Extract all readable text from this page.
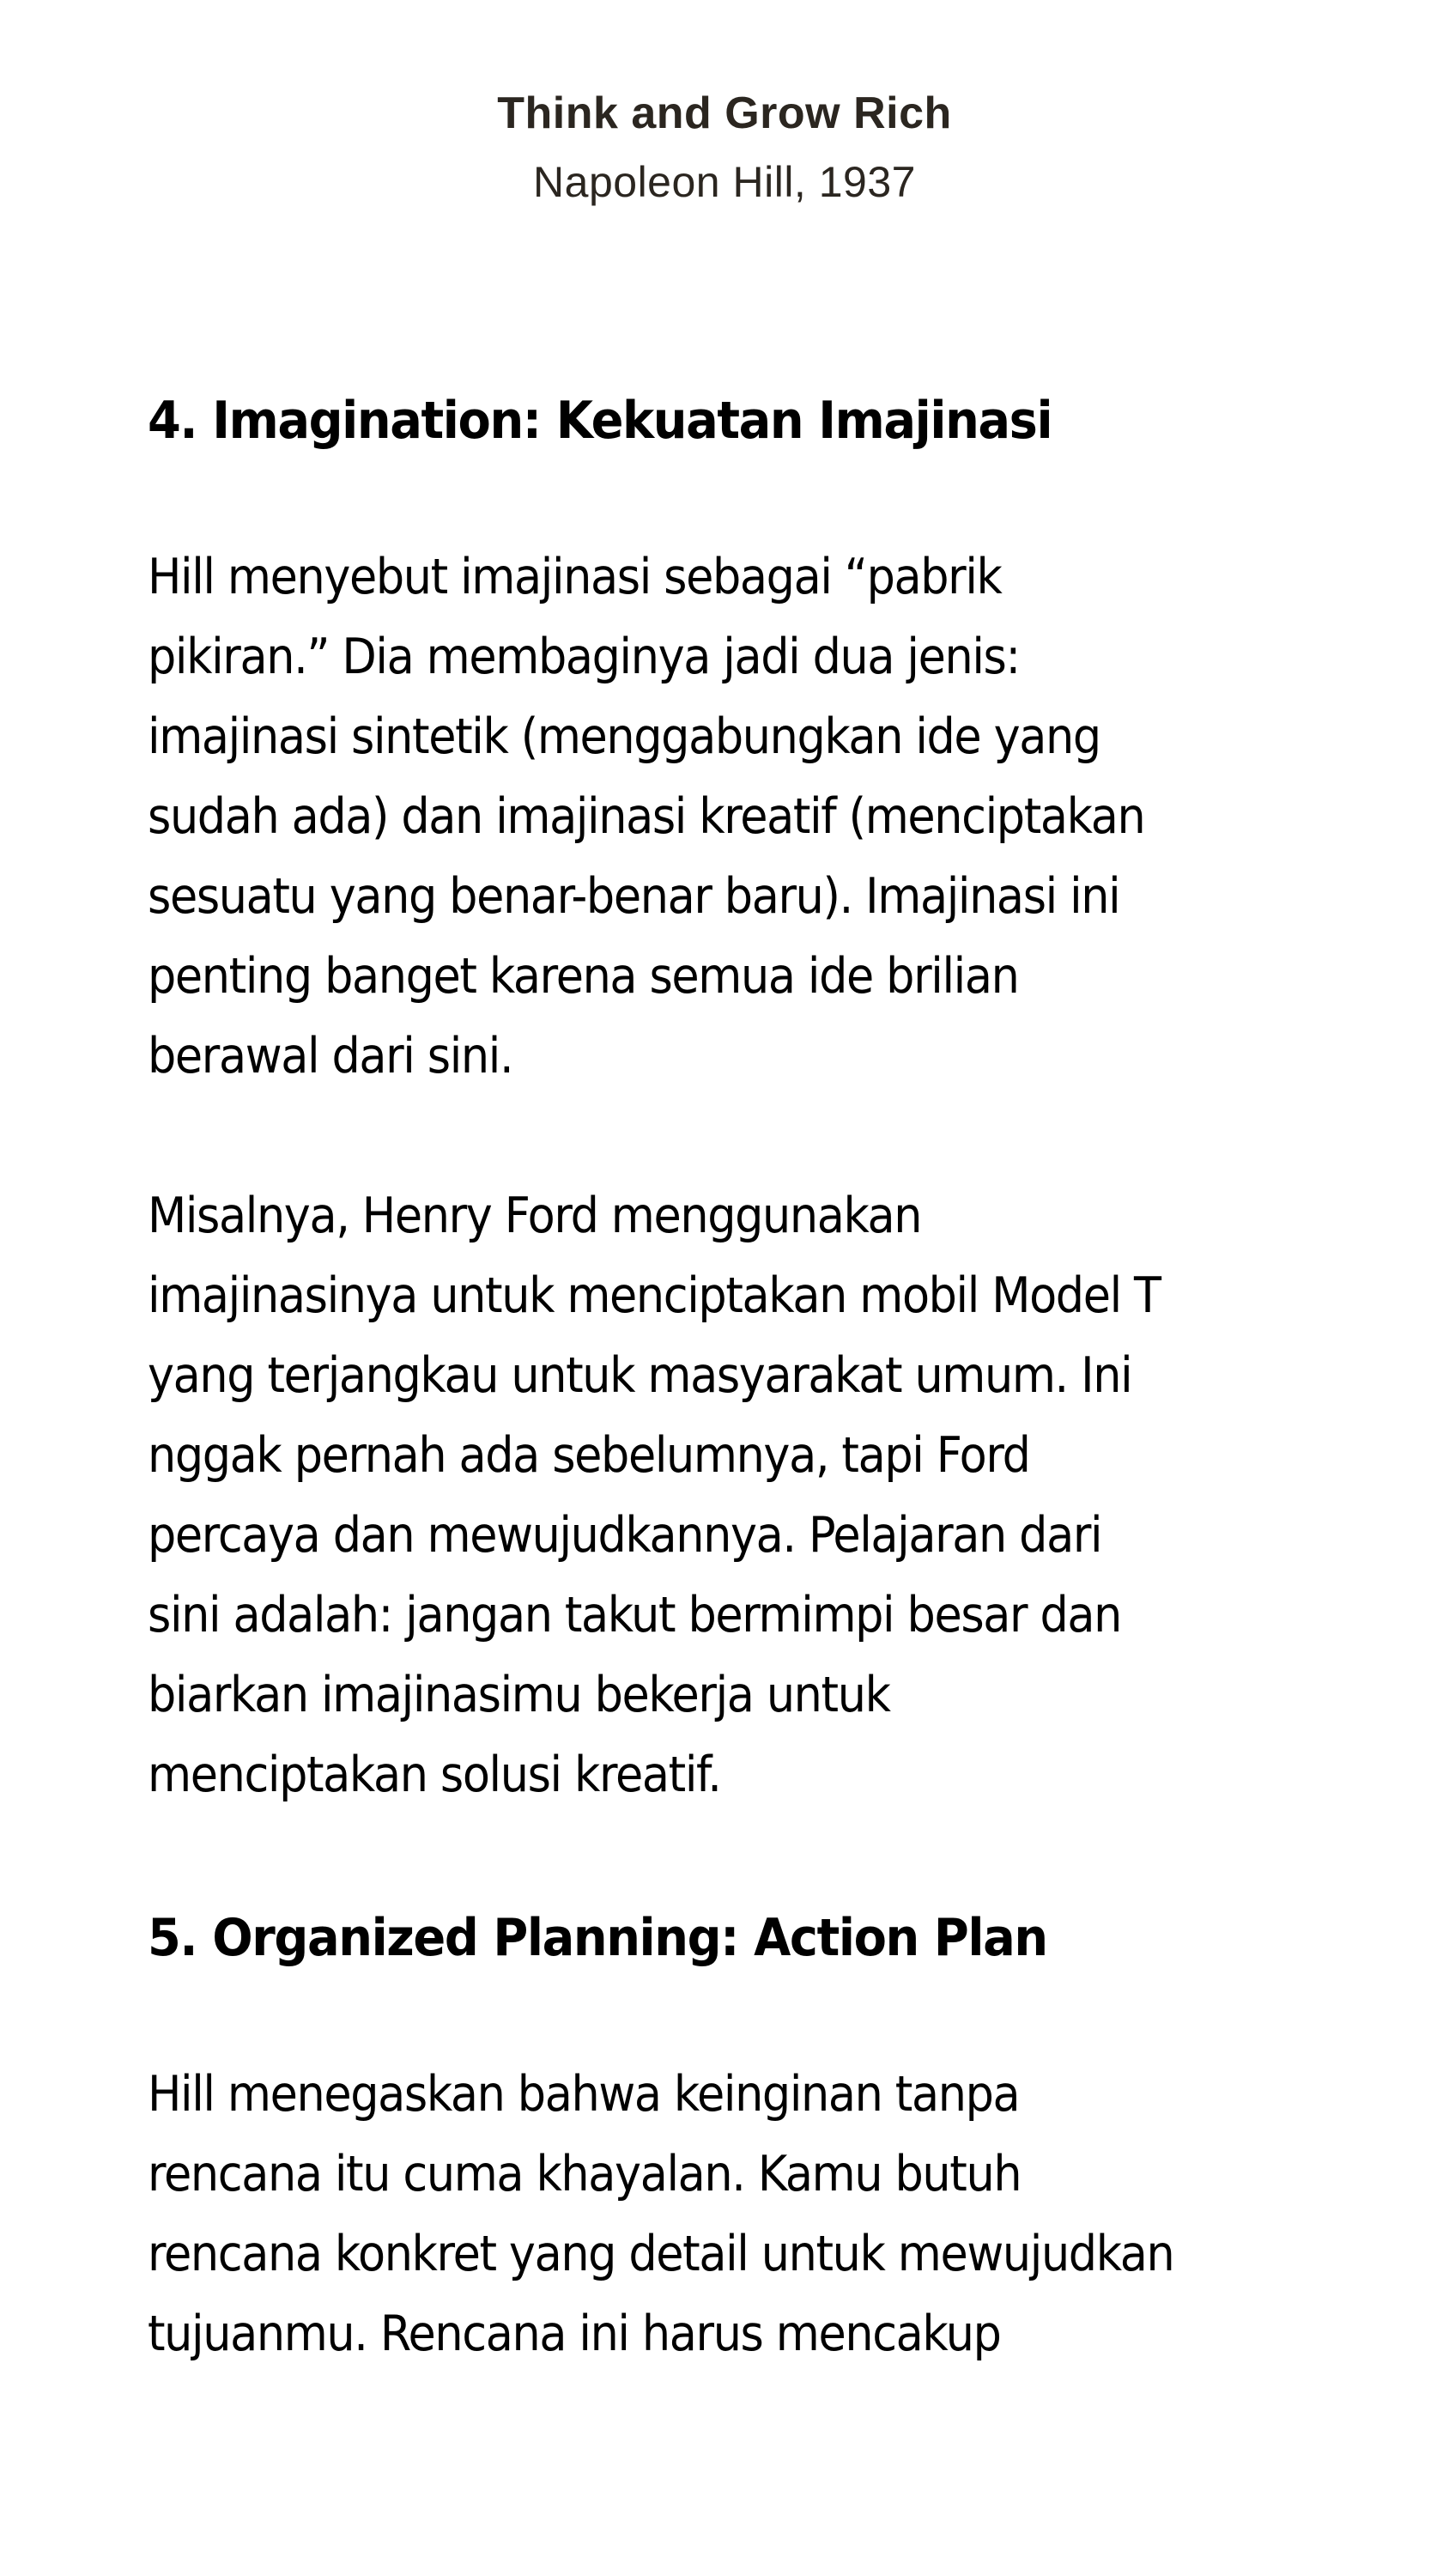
Think and Grow Rich
Napoleon Hill, 1937
4. Imagination: Kekuatan Imajinasi

Hill menyebut imajinasi sebagai “pabrik
pikiran.” Dia membaginya jadi dua jenis:
imajinasi sintetik (menggabungkan ide yang
sudah ada) dan imajinasi kreatif (menciptakan
sesuatu yang benar-benar baru). Imajinasi ini
penting banget karena semua ide brilian
berawal dari sini.

Misalnya, Henry Ford menggunakan
imajinasinya untuk menciptakan mobil Model T
yang terjangkau untuk masyarakat umum. Ini
nggak pernah ada sebelumnya, tapi Ford
percaya dan mewujudkannya. Pelajaran dari
sini adalah: jangan takut bermimpi besar dan
biarkan imajinasimu bekerja untuk
menciptakan solusi kreatif.

5. Organized Planning: Action Plan

Hill menegaskan bahwa keinginan tanpa
rencana itu cuma khayalan. Kamu butuh
rencana konkret yang detail untuk mewujudkan
tujuanmu. Rencana ini harus mencakup
